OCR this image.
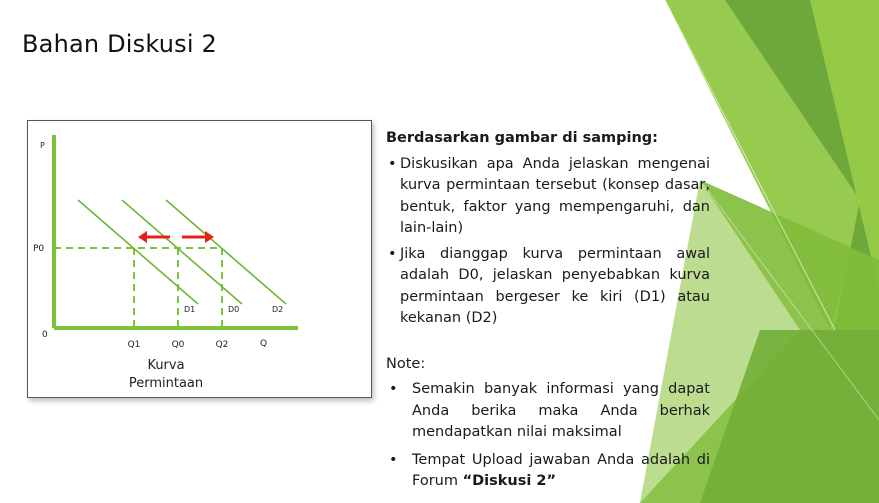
Bahan Diskusi 2
P
Q
0
P0
Q1	Q0	Q2
D1	D0	D2
Kurva
Permintaan
Berdasarkan gambar di samping:
• Diskusikan apa Anda jelaskan mengenai kurva permintaan tersebut (konsep dasar, bentuk, faktor yang mempengaruhi, dan lain-lain)
• Jika dianggap kurva permintaan awal adalah D0, jelaskan penyebabkan kurva permintaan bergeser ke kiri (D1) atau kekanan (D2)
Note:
• Semakin banyak informasi yang dapat Anda berika maka Anda berhak mendapatkan nilai maksimal
• Tempat Upload jawaban Anda adalah di Forum “Diskusi 2”
